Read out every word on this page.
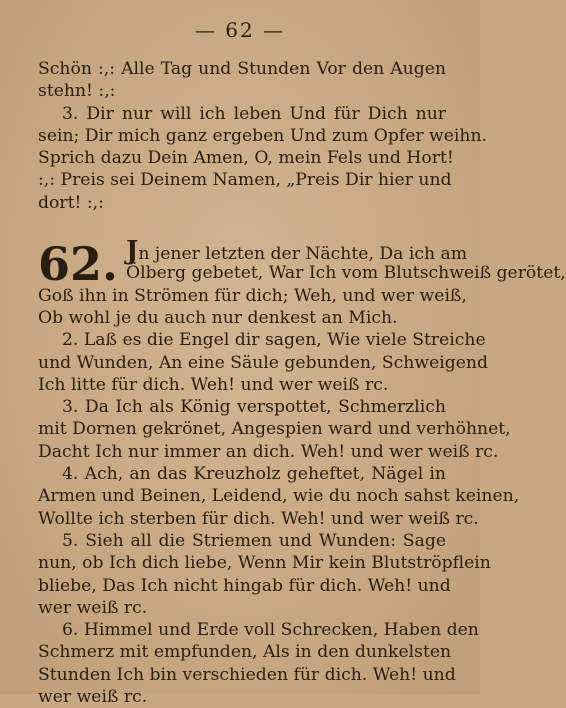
— 62 —
Schön :,: Alle Tag und Stunden Vor den Augen
stehn! :,:
3. Dir nur will ich leben Und für Dich nur
sein; Dir mich ganz ergeben Und zum Opfer weihn.
Sprich dazu Dein Amen, O, mein Fels und Hort!
:,: Preis sei Deinem Namen, „Preis Dir hier und
dort! :,:
62. Jn jener letzten der Nächte, Da ich am
Ölberg gebetet, War Ich vom Blutschweiß gerötet,
Goß ihn in Strömen für dich; Weh, und wer weiß,
Ob wohl je du auch nur denkest an Mich.
2. Laß es die Engel dir sagen, Wie viele Streiche
und Wunden, An eine Säule gebunden, Schweigend
Ich litte für dich. Weh! und wer weiß rc.
3. Da Ich als König verspottet, Schmerzlich
mit Dornen gekrönet, Angespien ward und verhöhnet,
Dacht Ich nur immer an dich. Weh! und wer weiß rc.
4. Ach, an das Kreuzholz geheftet, Nägel in
Armen und Beinen, Leidend, wie du noch sahst keinen,
Wollte ich sterben für dich. Weh! und wer weiß rc.
5. Sieh all die Striemen und Wunden: Sage
nun, ob Ich dich liebe, Wenn Mir kein Blutströpflein
bliebe, Das Ich nicht hingab für dich. Weh! und
wer weiß rc.
6. Himmel und Erde voll Schrecken, Haben den
Schmerz mit empfunden, Als in den dunkelsten
Stunden Ich bin verschieden für dich. Weh! und
wer weiß rc.
